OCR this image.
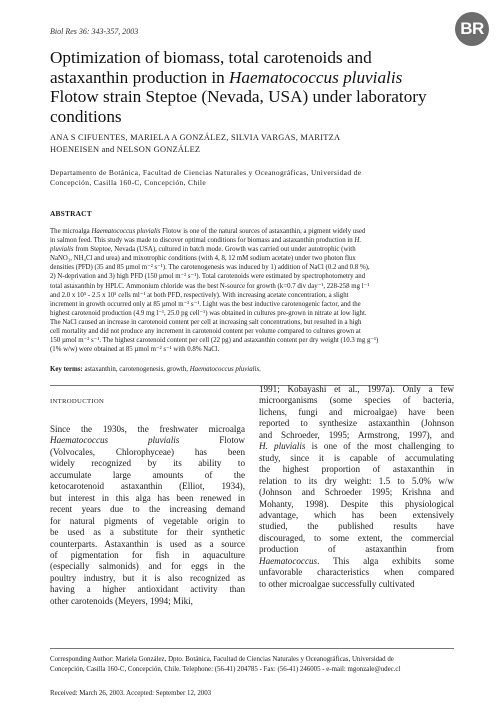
Biol Res 36: 343-357, 2003	BR
Optimization of biomass, total carotenoids and
astaxanthin production in Haematococcus pluvialis
Flotow strain Steptoe (Nevada, USA) under laboratory
conditions
ANA S CIFUENTES, MARIELA A GONZÁLEZ, SILVIA VARGAS, MARITZA
HOENEISEN and NELSON GONZÁLEZ
Departamento de Botánica, Facultad de Ciencias Naturales y Oceanográficas, Universidad de
Concepción, Casilla 160-C, Concepción, Chile
ABSTRACT
The microalga Haematococcus pluvialis Flotow is one of the natural sources of astaxanthin, a pigment widely used
in salmon feed. This study was made to discover optimal conditions for biomass and astaxanthin production in H.
pluvialis from Steptoe, Nevada (USA), cultured in batch mode. Growth was carried out under autotrophic (with
NaNO₃, NH₄Cl and urea) and mixotrophic conditions (with 4, 8, 12 mM sodium acetate) under two photon flux
densities (PFD) (35 and 85 µmol m⁻² s⁻¹). The carotenogenesis was induced by 1) addition of NaCl (0.2 and 0.8 %),
2) N-deprivation and 3) high PFD (150 µmol m⁻² s⁻¹). Total carotenoids were estimated by spectrophotometry and
total astaxanthin by HPLC. Ammonium chloride was the best N-source for growth (k=0.7 div day⁻¹, 228-258 mg l⁻¹
and 2.0 x 10⁵ - 2.5 x 10⁵ cells ml⁻¹ at both PFD, respectively). With increasing acetate concentration, a slight
increment in growth occurred only at 85 µmol m⁻² s⁻¹. Light was the best inductive carotenogenic factor, and the
highest carotenoid production (4.9 mg l⁻¹, 25.0 pg cell⁻¹) was obtained in cultures pre-grown in nitrate at low light.
The NaCl caused an increase in carotenoid content per cell at increasing salt concentrations, but resulted in a high
cell mortality and did not produce any increment in carotenoid content per volume compared to cultures grown at
150 µmol m⁻² s⁻¹. The highest carotenoid content per cell (22 pg) and astaxanthin content per dry weight (10.3 mg g⁻¹)
(1% w/w) were obtained at 85 µmol m⁻² s⁻¹ with 0.8% NaCl.
Key terms: astaxanthin, carotenogenesis, growth, Haematococcus pluvialis.
INTRODUCTION
Since the 1930s, the freshwater microalga
Haematococcus pluvialis Flotow
(Volvocales, Chlorophyceae) has been
widely recognized by its ability to
accumulate large amounts of the
ketocarotenoid astaxanthin (Elliot, 1934),
but interest in this alga has been renewed in
recent years due to the increasing demand
for natural pigments of vegetable origin to
be used as a substitute for their synthetic
counterparts. Astaxanthin is used as a source
of pigmentation for fish in aquaculture
(especially salmonids) and for eggs in the
poultry industry, but it is also recognized as
having a higher antioxidant activity than
other carotenoids (Meyers, 1994; Miki,
1991; Kobayashi et al., 1997a). Only a few
microorganisms (some species of bacteria,
lichens, fungi and microalgae) have been
reported to synthesize astaxanthin (Johnson
and Schroeder, 1995; Armstrong, 1997), and
H. pluvialis is one of the most challenging to
study, since it is capable of accumulating
the highest proportion of astaxanthin in
relation to its dry weight: 1.5 to 5.0% w/w
(Johnson and Schroeder 1995; Krishna and
Mohanty, 1998). Despite this physiological
advantage, which has been extensively
studied, the published results have
discouraged, to some extent, the commercial
production of astaxanthin from
Haematococcus. This alga exhibits some
unfavorable characteristics when compared
to other microalgae successfully cultivated
Corresponding Author: Mariela González, Dpto. Botánica, Facultad de Ciencias Naturales y Oceanográficas, Universidad de
Concepción, Casilla 160-C, Concepción, Chile. Telephone: (56-41) 204785 - Fax: (56-41) 246005 - e-mail: mgonzale@udec.cl
Received: March 26, 2003. Accepted: September 12, 2003
